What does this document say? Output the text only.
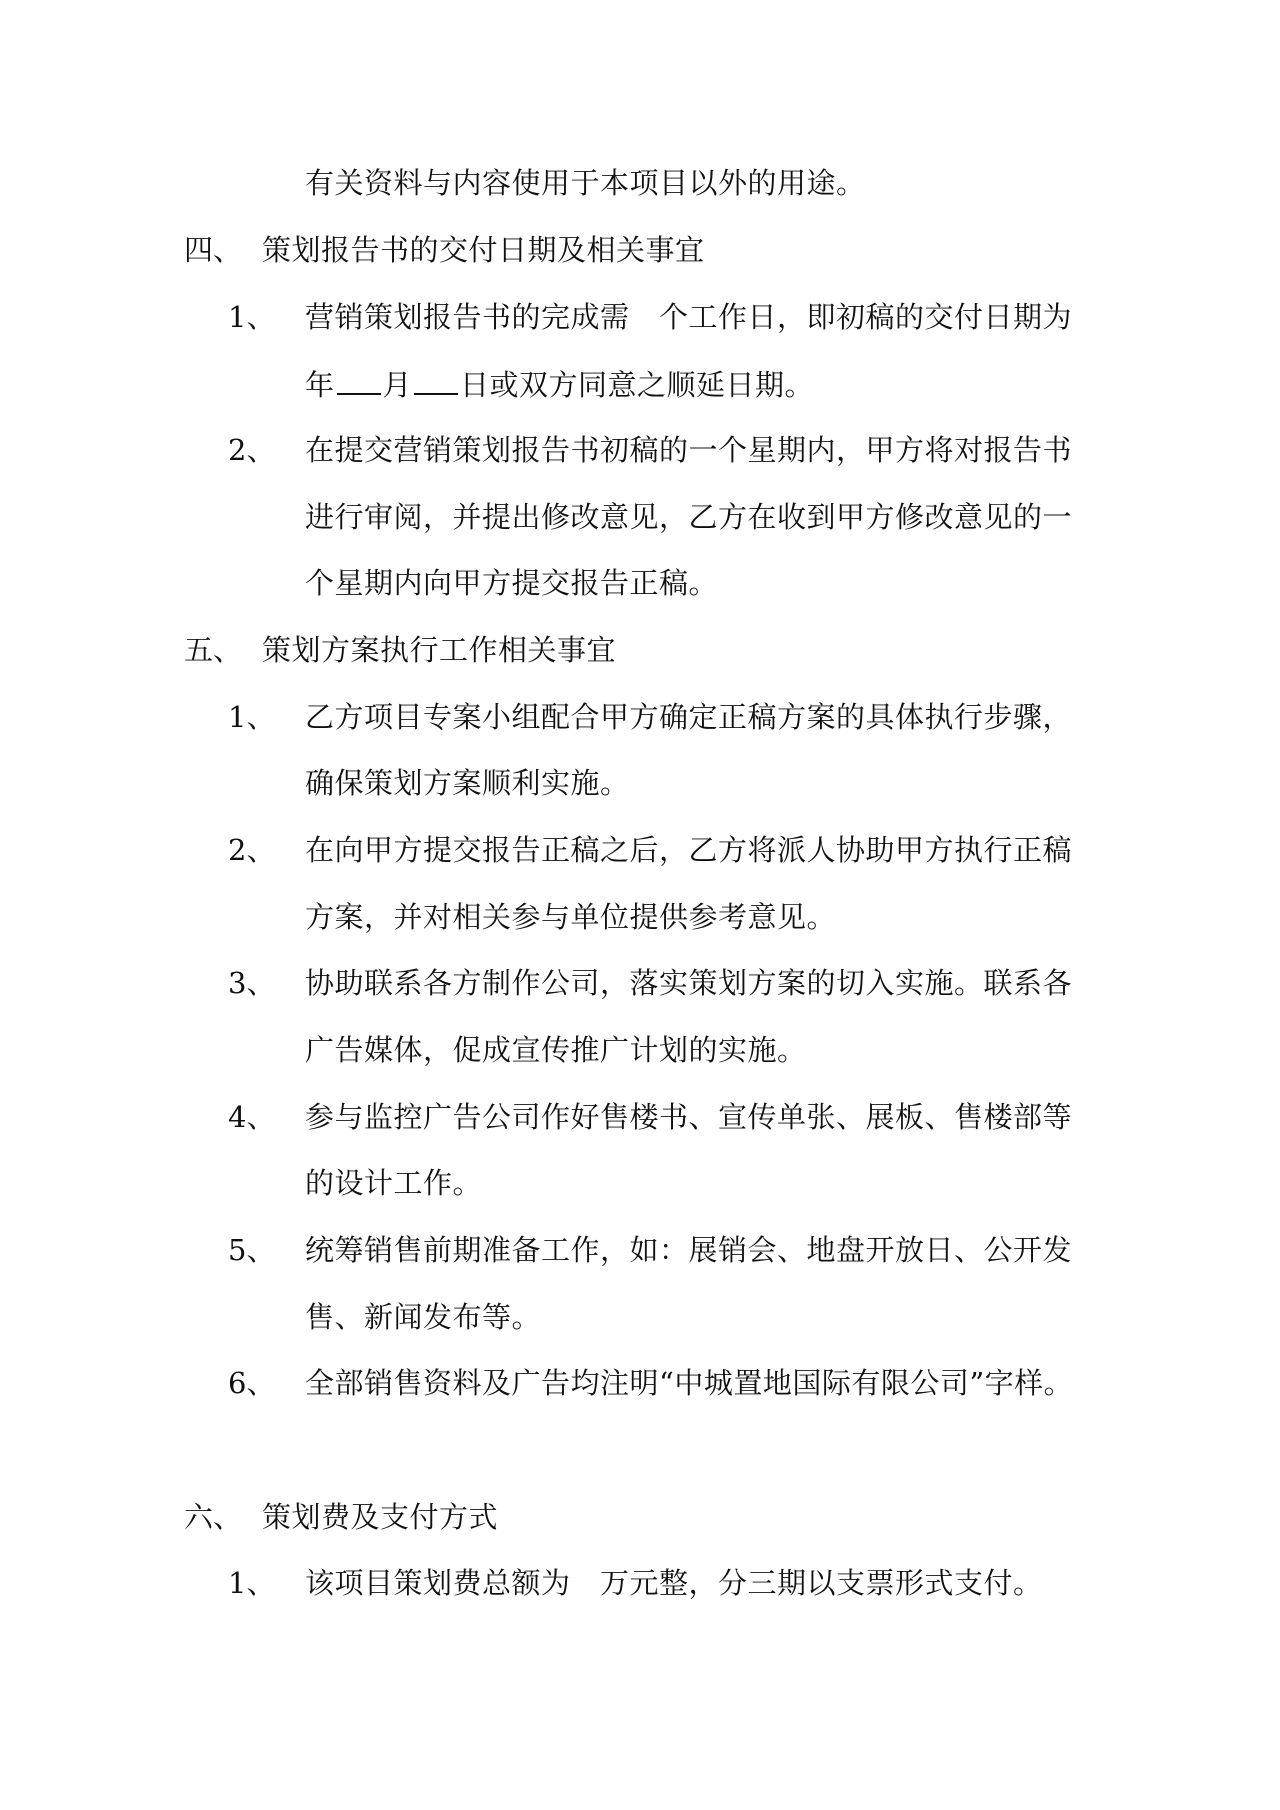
有关资料与内容使用于本项目以外的用途。
四、 策划报告书的交付日期及相关事宜
1、 营销策划报告书的完成需　个工作日，即初稿的交付日期为
年 月 日或双方同意之顺延日期。
2、 在提交营销策划报告书初稿的一个星期内，甲方将对报告书
进行审阅，并提出修改意见，乙方在收到甲方修改意见的一
个星期内向甲方提交报告正稿。
五、 策划方案执行工作相关事宜
1、 乙方项目专案小组配合甲方确定正稿方案的具体执行步骤，
确保策划方案顺利实施。
2、 在向甲方提交报告正稿之后，乙方将派人协助甲方执行正稿
方案，并对相关参与单位提供参考意见。
3、 协助联系各方制作公司，落实策划方案的切入实施。联系各
广告媒体，促成宣传推广计划的实施。
4、 参与监控广告公司作好售楼书、宣传单张、展板、售楼部等
的设计工作。
5、 统筹销售前期准备工作，如：展销会、地盘开放日、公开发
售、新闻发布等。
6、 全部销售资料及广告均注明“中城置地国际有限公司”字样。
六、 策划费及支付方式
1、 该项目策划费总额为　万元整，分三期以支票形式支付。
